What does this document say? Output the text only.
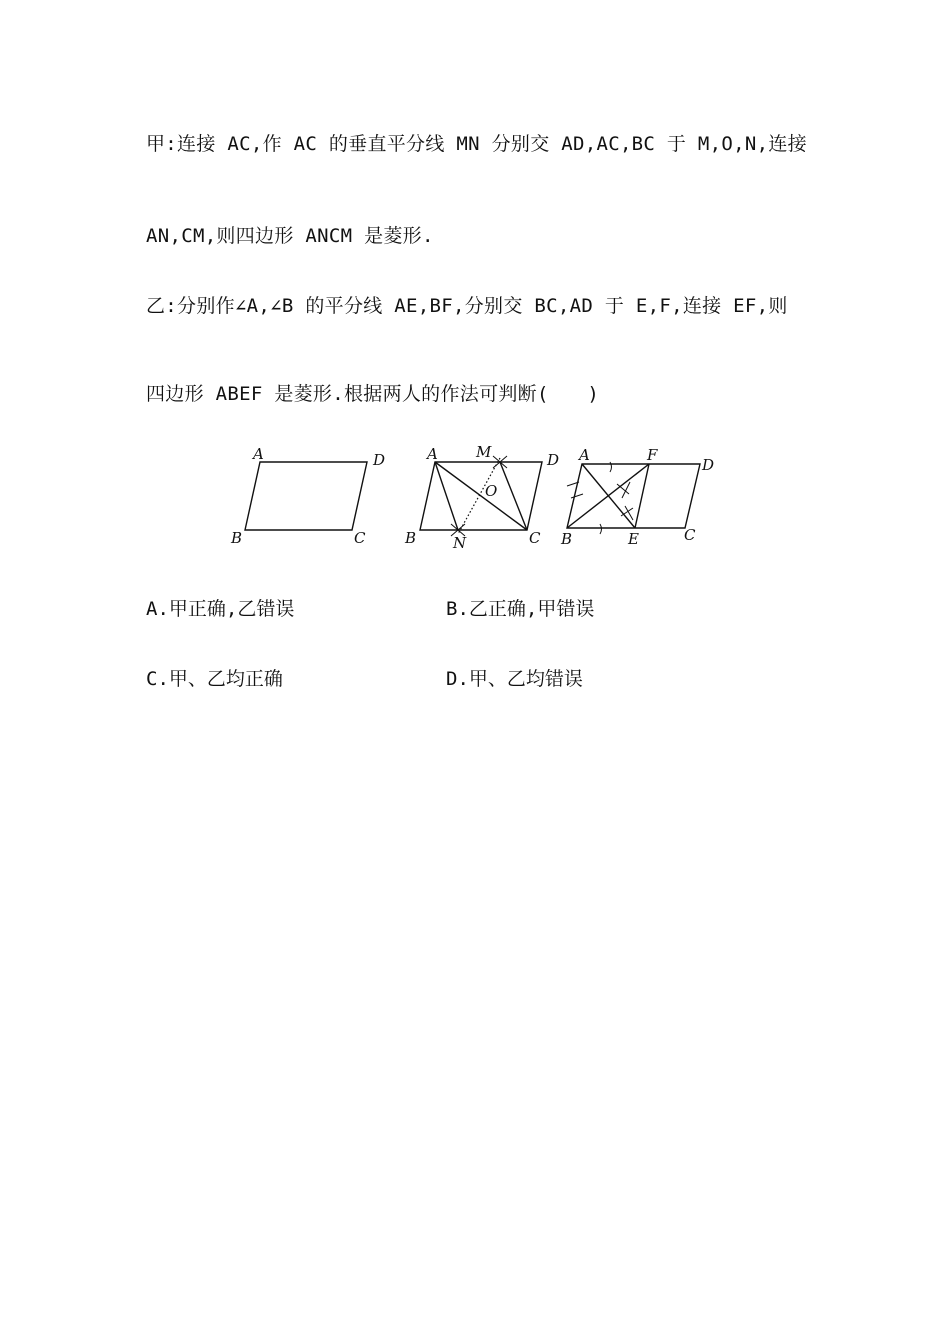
甲:连接 AC,作 AC 的垂直平分线 MN 分别交 AD,AC,BC 于 M,O,N,连接
AN,CM,则四边形 ANCM 是菱形.
乙:分别作∠A,∠B 的平分线 AE,BF,分别交 BC,AD 于 E,F,连接 EF,则
四边形 ABEF 是菱形.根据两人的作法可判断(　　)
A	D
B	C
A	M	D
O
B N	C
A	F
D
B	E	C
A.甲正确,乙错误	B.乙正确,甲错误
C.甲、乙均正确	D.甲、乙均错误
